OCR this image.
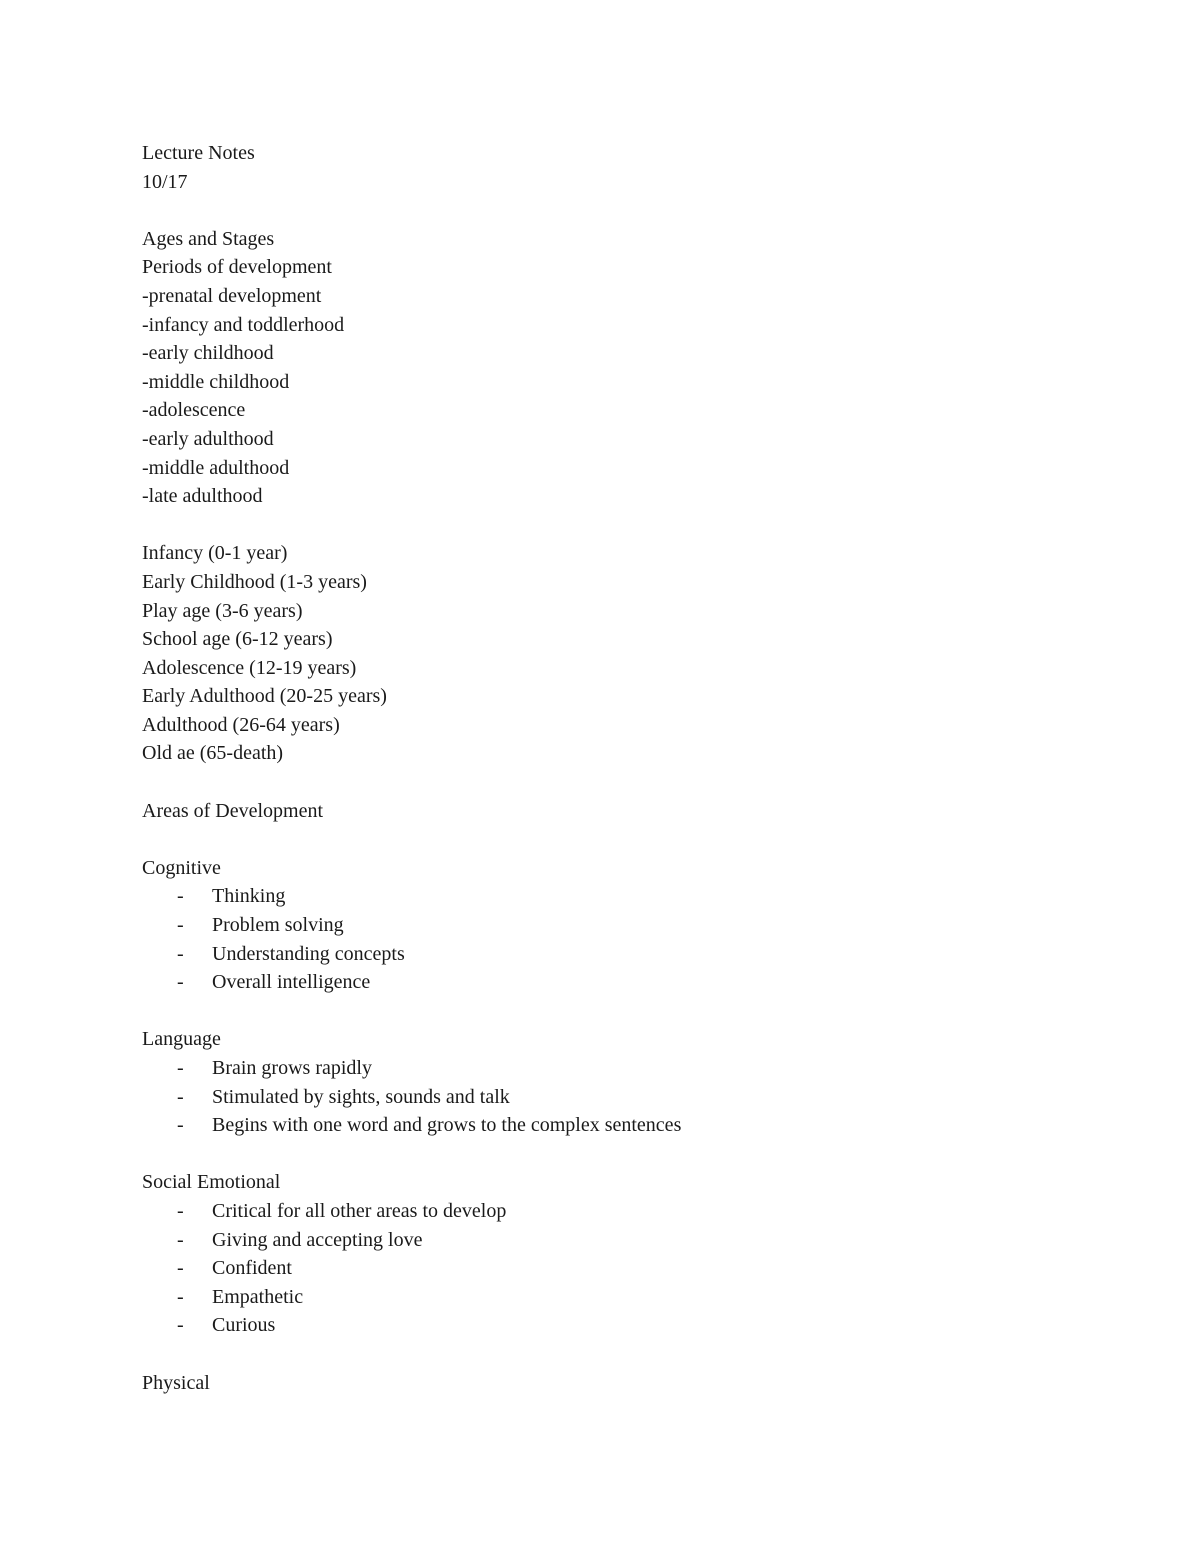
Lecture Notes
10/17
Ages and Stages
Periods of development
-prenatal development
-infancy and toddlerhood
-early childhood
-middle childhood
-adolescence
-early adulthood
-middle adulthood
-late adulthood
Infancy (0-1 year)
Early Childhood (1-3 years)
Play age (3-6 years)
School age (6-12 years)
Adolescence (12-19 years)
Early Adulthood (20-25 years)
Adulthood (26-64 years)
Old ae (65-death)
Areas of Development
Cognitive
- Thinking
- Problem solving
- Understanding concepts
- Overall intelligence
Language
- Brain grows rapidly
- Stimulated by sights, sounds and talk
- Begins with one word and grows to the complex sentences
Social Emotional
- Critical for all other areas to develop
- Giving and accepting love
- Confident
- Empathetic
- Curious
Physical
